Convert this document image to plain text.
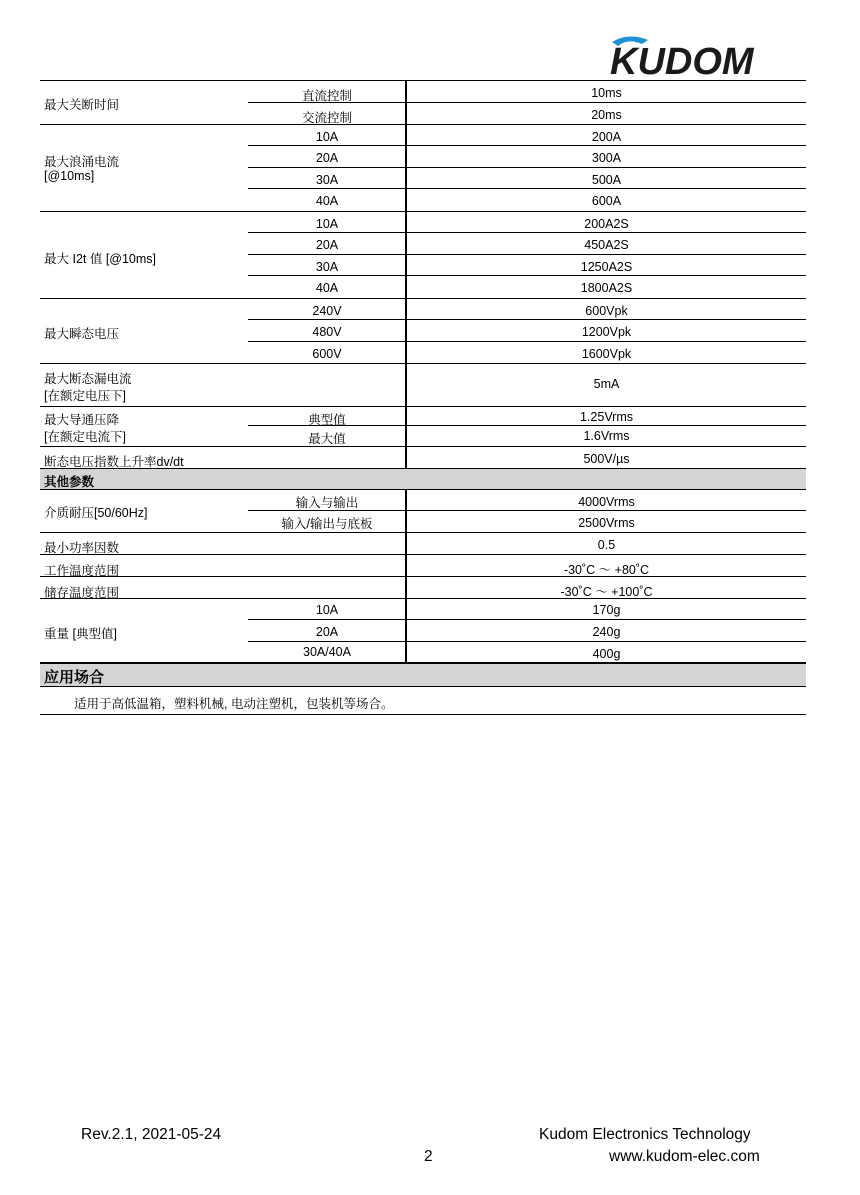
KUDOM
最大关断时间
直流控制	10ms
交流控制	20ms
最大浪涌电流
[@10ms]
10A	200A
20A	300A
30A	500A
40A	600A
最大 I2t 值 [@10ms]
10A	200A2S
20A	450A2S
30A	1250A2S
40A	1800A2S
最大瞬态电压
240V	600Vpk
480V	1200Vpk
600V	1600Vpk
最大断态漏电流
[在额定电压下]
5mA
最大导通压降
[在额定电流下]
典型值	1.25Vrms
最大值	1.6Vrms
断态电压指数上升率dv/dt	500V/µs
其他参数
介质耐压[50/60Hz]
输入与输出	4000Vrms
输入/输出与底板	2500Vrms
最小功率因数	0.5
工作温度范围	-30˚C ～ +80˚C
储存温度范围	-30˚C ～ +100˚C
重量 [典型值]
10A	170g
20A	240g
30A/40A	400g
应用场合
适用于高低温箱，塑料机械, 电动注塑机，包装机等场合。
Rev.2.1, 2021-05-24	Kudom Electronics Technology
2	www.kudom-elec.com
